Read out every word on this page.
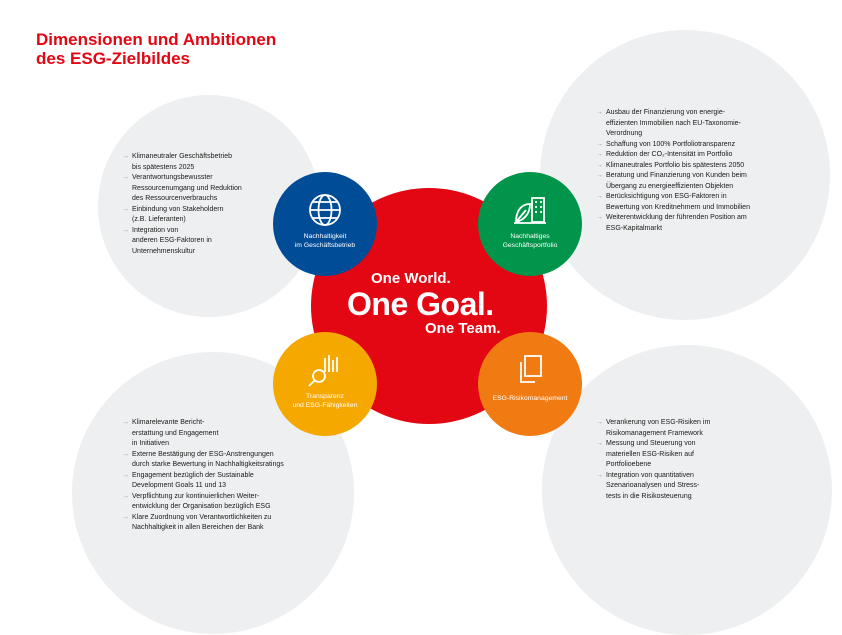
Dimensionen und Ambitionen
des ESG-Zielbildes
→ Klimaneutraler Geschäftsbetrieb
bis spätestens 2025
→ Verantwortungsbewusster
Ressourcenumgang und Reduktion
des Ressourcenverbrauchs
→ Einbindung von Stakeholdern
(z.B. Lieferanten)
→ Integration von
anderen ESG-Faktoren in
Unternehmenskultur
→ Ausbau der Finanzierung von energie-
effizienten Immobilien nach EU-Taxonomie-
Verordnung
→ Schaffung von 100% Portfoliotransparenz
→ Reduktion der CO₂-Intensität im Portfolio
→ Klimaneutrales Portfolio bis spätestens 2050
→ Beratung und Finanzierung von Kunden beim
Übergang zu energieeffizienten Objekten
→ Berücksichtigung von ESG-Faktoren in
Bewertung von Kreditnehmern und Immobilien
→ Weiterentwicklung der führenden Position am
ESG-Kapitalmarkt
→ Klimarelevante Bericht-
erstattung und Engagement
in Initiativen
→ Externe Bestätigung der ESG-Anstrengungen
durch starke Bewertung in Nachhaltigkeitsratings
→ Engagement bezüglich der Sustainable
Development Goals 11 und 13
→ Verpflichtung zur kontinuierlichen Weiter-
entwicklung der Organisation bezüglich ESG
→ Klare Zuordnung von Verantwortlichkeiten zu
Nachhaltigkeit in allen Bereichen der Bank
→ Verankerung von ESG-Risiken im
Risikomanagement Framework
→ Messung und Steuerung von
materiellen ESG-Risiken auf
Portfolioebene
→ Integration von quantitativen
Szenarioanalysen und Stress-
tests in die Risikosteuerung
One World.
One Goal.
One Team.
Nachhaltigkeit
im Geschäftsbetrieb
Nachhaltiges
Geschäftsportfolio
Transparenz
und ESG-Fähigkeiten
ESG-Risikomanagement
